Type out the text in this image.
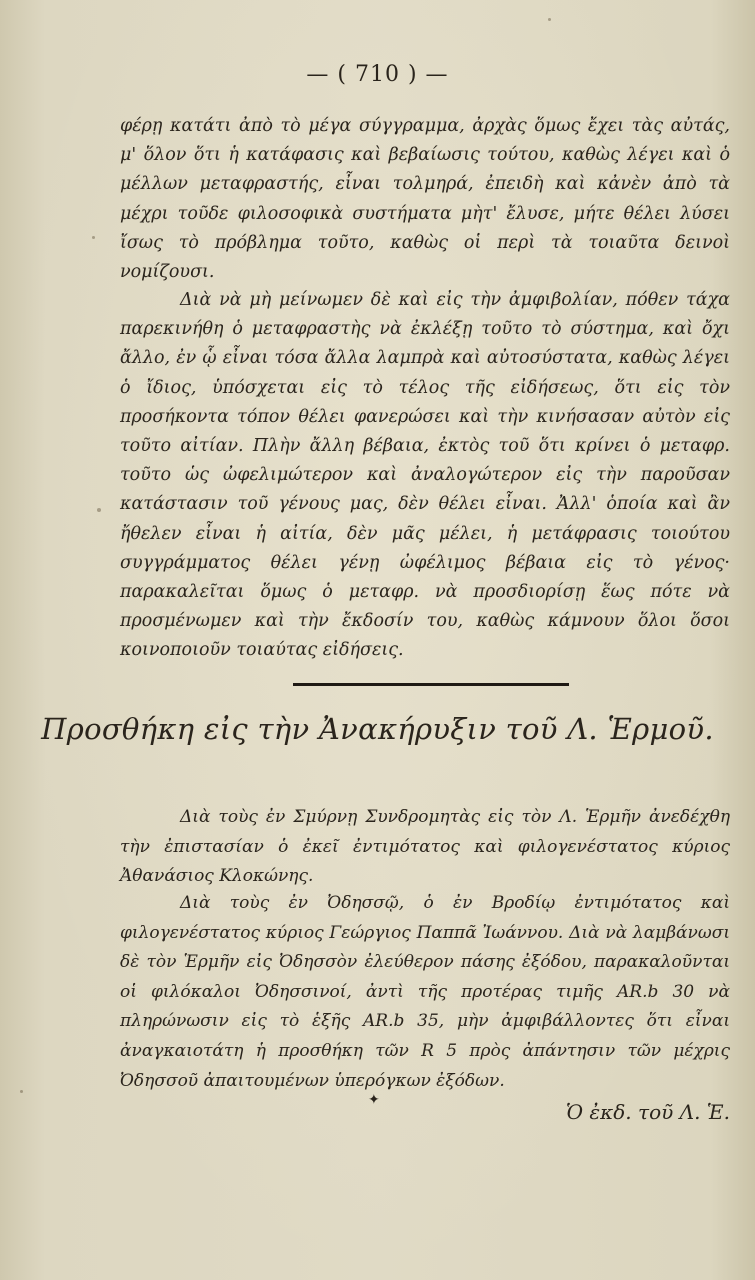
— ( 710 ) —

φέρῃ κατάτι ἀπὸ τὸ μέγα σύγγραμμα, ἀρχὰς ὅμως ἔχει τὰς αὐτάς, μ' ὅλον ὅτι ἡ κατάφασις καὶ βεβαίωσις τούτου, καθὼς λέγει καὶ ὁ μέλλων μεταφραστής, εἶναι τολμηρά, ἐπειδὴ καὶ κἀνὲν ἀπὸ τὰ μέχρι τοῦδε φιλοσοφικὰ συστήματα μὴτ' ἔλυσε, μήτε θέλει λύσει ἴσως τὸ πρόβλημα τοῦτο, καθὼς οἱ περὶ τὰ τοιαῦτα δεινοὶ νομίζουσι.

Διὰ νὰ μὴ μείνωμεν δὲ καὶ εἰς τὴν ἀμφιβολίαν, πόθεν τάχα παρεκινήθη ὁ μεταφραστὴς νὰ ἐκλέξῃ τοῦτο τὸ σύστημα, καὶ ὄχι ἄλλο, ἐν ᾧ εἶναι τόσα ἄλλα λαμπρὰ καὶ αὐτοσύστατα, καθὼς λέγει ὁ ἴδιος, ὑπόσχεται εἰς τὸ τέλος τῆς εἰδήσεως, ὅτι εἰς τὸν προσήκοντα τόπον θέλει φανερώσει καὶ τὴν κινήσασαν αὐτὸν εἰς τοῦτο αἰτίαν. Πλὴν ἄλλη βέβαια, ἐκτὸς τοῦ ὅτι κρίνει ὁ μεταφρ. τοῦτο ὡς ὠφελιμώτερον καὶ ἀναλογώτερον εἰς τὴν παροῦσαν κατάστασιν τοῦ γένους μας, δὲν θέλει εἶναι. Ἀλλ' ὁποία καὶ ἂν ἤθελεν εἶναι ἡ αἰτία, δὲν μᾶς μέλει, ἡ μετάφρασις τοιούτου συγγράμματος θέλει γένῃ ὠφέλιμος βέβαια εἰς τὸ γένος· παρακαλεῖται ὅμως ὁ μεταφρ. νὰ προσδιορίσῃ ἕως πότε νὰ προσμένωμεν καὶ τὴν ἔκδοσίν του, καθὼς κάμνουν ὅλοι ὅσοι κοινοποιοῦν τοιαύτας εἰδήσεις.

Προσθήκη εἰς τὴν Ἀνακήρυξιν τοῦ Λ. Ἑρμοῦ.

Διὰ τοὺς ἐν Σμύρνῃ Συνδρομητὰς εἰς τὸν Λ. Ἑρμῆν ἀνεδέχθη τὴν ἐπιστασίαν ὁ ἐκεῖ ἐντιμότατος καὶ φιλογενέστατος κύριος Ἀθανάσιος Κλοκώνης.

Διὰ τοὺς ἐν Ὀδησσῷ, ὁ ἐν Βροδίῳ ἐντιμότατος καὶ φιλογενέστατος κύριος Γεώργιος Παππᾶ Ἰωάννου. Διὰ νὰ λαμβάνωσι δὲ τὸν Ἑρμῆν εἰς Ὀδησσὸν ἐλεύθερον πάσης ἐξόδου, παρακαλοῦνται οἱ φιλόκαλοι Ὀδησσινοί, ἀντὶ τῆς προτέρας τιμῆς AR.b 30 νὰ πληρώνωσιν εἰς τὸ ἑξῆς AR.b 35, μὴν ἀμφιβάλλοντες ὅτι εἶναι ἀναγκαιοτάτη ἡ προσθήκη τῶν R 5 πρὸς ἀπάντησιν τῶν μέχρις Ὀδησσοῦ ἀπαιτουμένων ὑπερόγκων ἐξόδων.

✦	Ὁ ἐκδ. τοῦ Λ. Ἑ.
